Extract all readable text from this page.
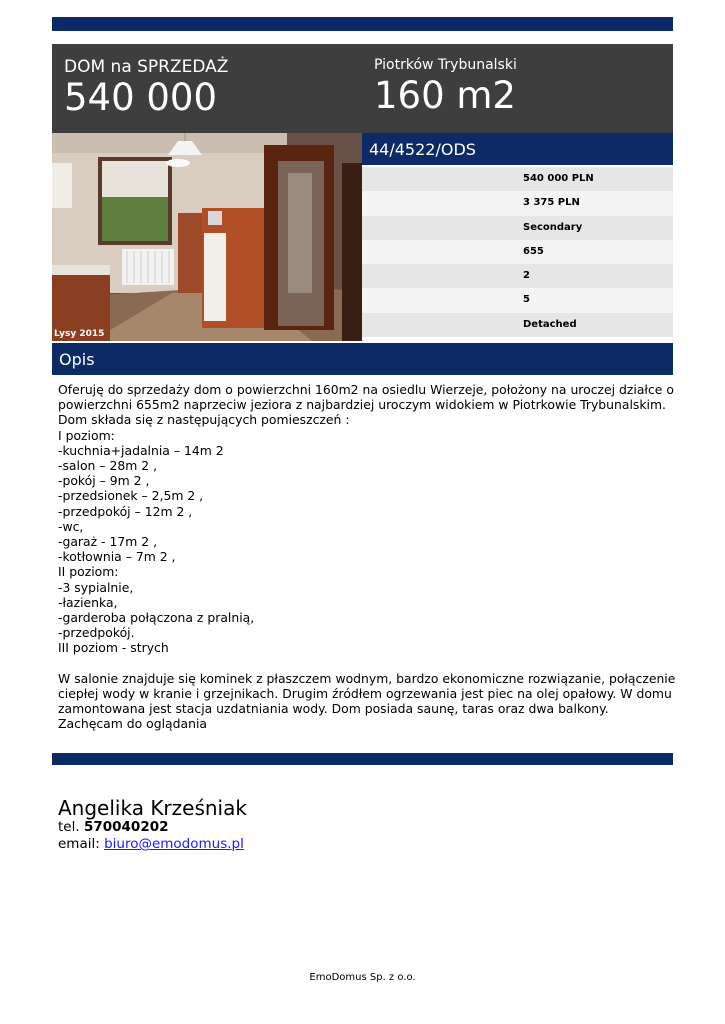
DOM na SPRZEDAŻ
540 000
Piotrków Trybunalski
160 m2
Lysy 2015
44/4522/ODS
540 000 PLN
3 375 PLN
Secondary
655
2
5
Detached
Opis
Oferuję do sprzedaży dom o powierzchni 160m2 na osiedlu Wierzeje, położony na uroczej działce o
powierzchni 655m2 naprzeciw jeziora z najbardziej uroczym widokiem w Piotrkowie Trybunalskim.
Dom składa się z następujących pomieszczeń :
I poziom:
-kuchnia+jadalnia – 14m 2
-salon – 28m 2 ,
-pokój – 9m 2 ,
-przedsionek – 2,5m 2 ,
-przedpokój – 12m 2 ,
-wc,
-garaż - 17m 2 ,
-kotłownia – 7m 2 ,
II poziom:
-3 sypialnie,
-łazienka,
-garderoba połączona z pralnią,
-przedpokój.
III poziom - strych
W salonie znajduje się kominek z płaszczem wodnym, bardzo ekonomiczne rozwiązanie, połączenie
ciepłej wody w kranie i grzejnikach. Drugim źródłem ogrzewania jest piec na olej opałowy. W domu
zamontowana jest stacja uzdatniania wody. Dom posiada saunę, taras oraz dwa balkony.
Zachęcam do oglądania
Angelika Krześniak
tel. 570040202
email: biuro@emodomus.pl
EmoDomus Sp. z o.o.
